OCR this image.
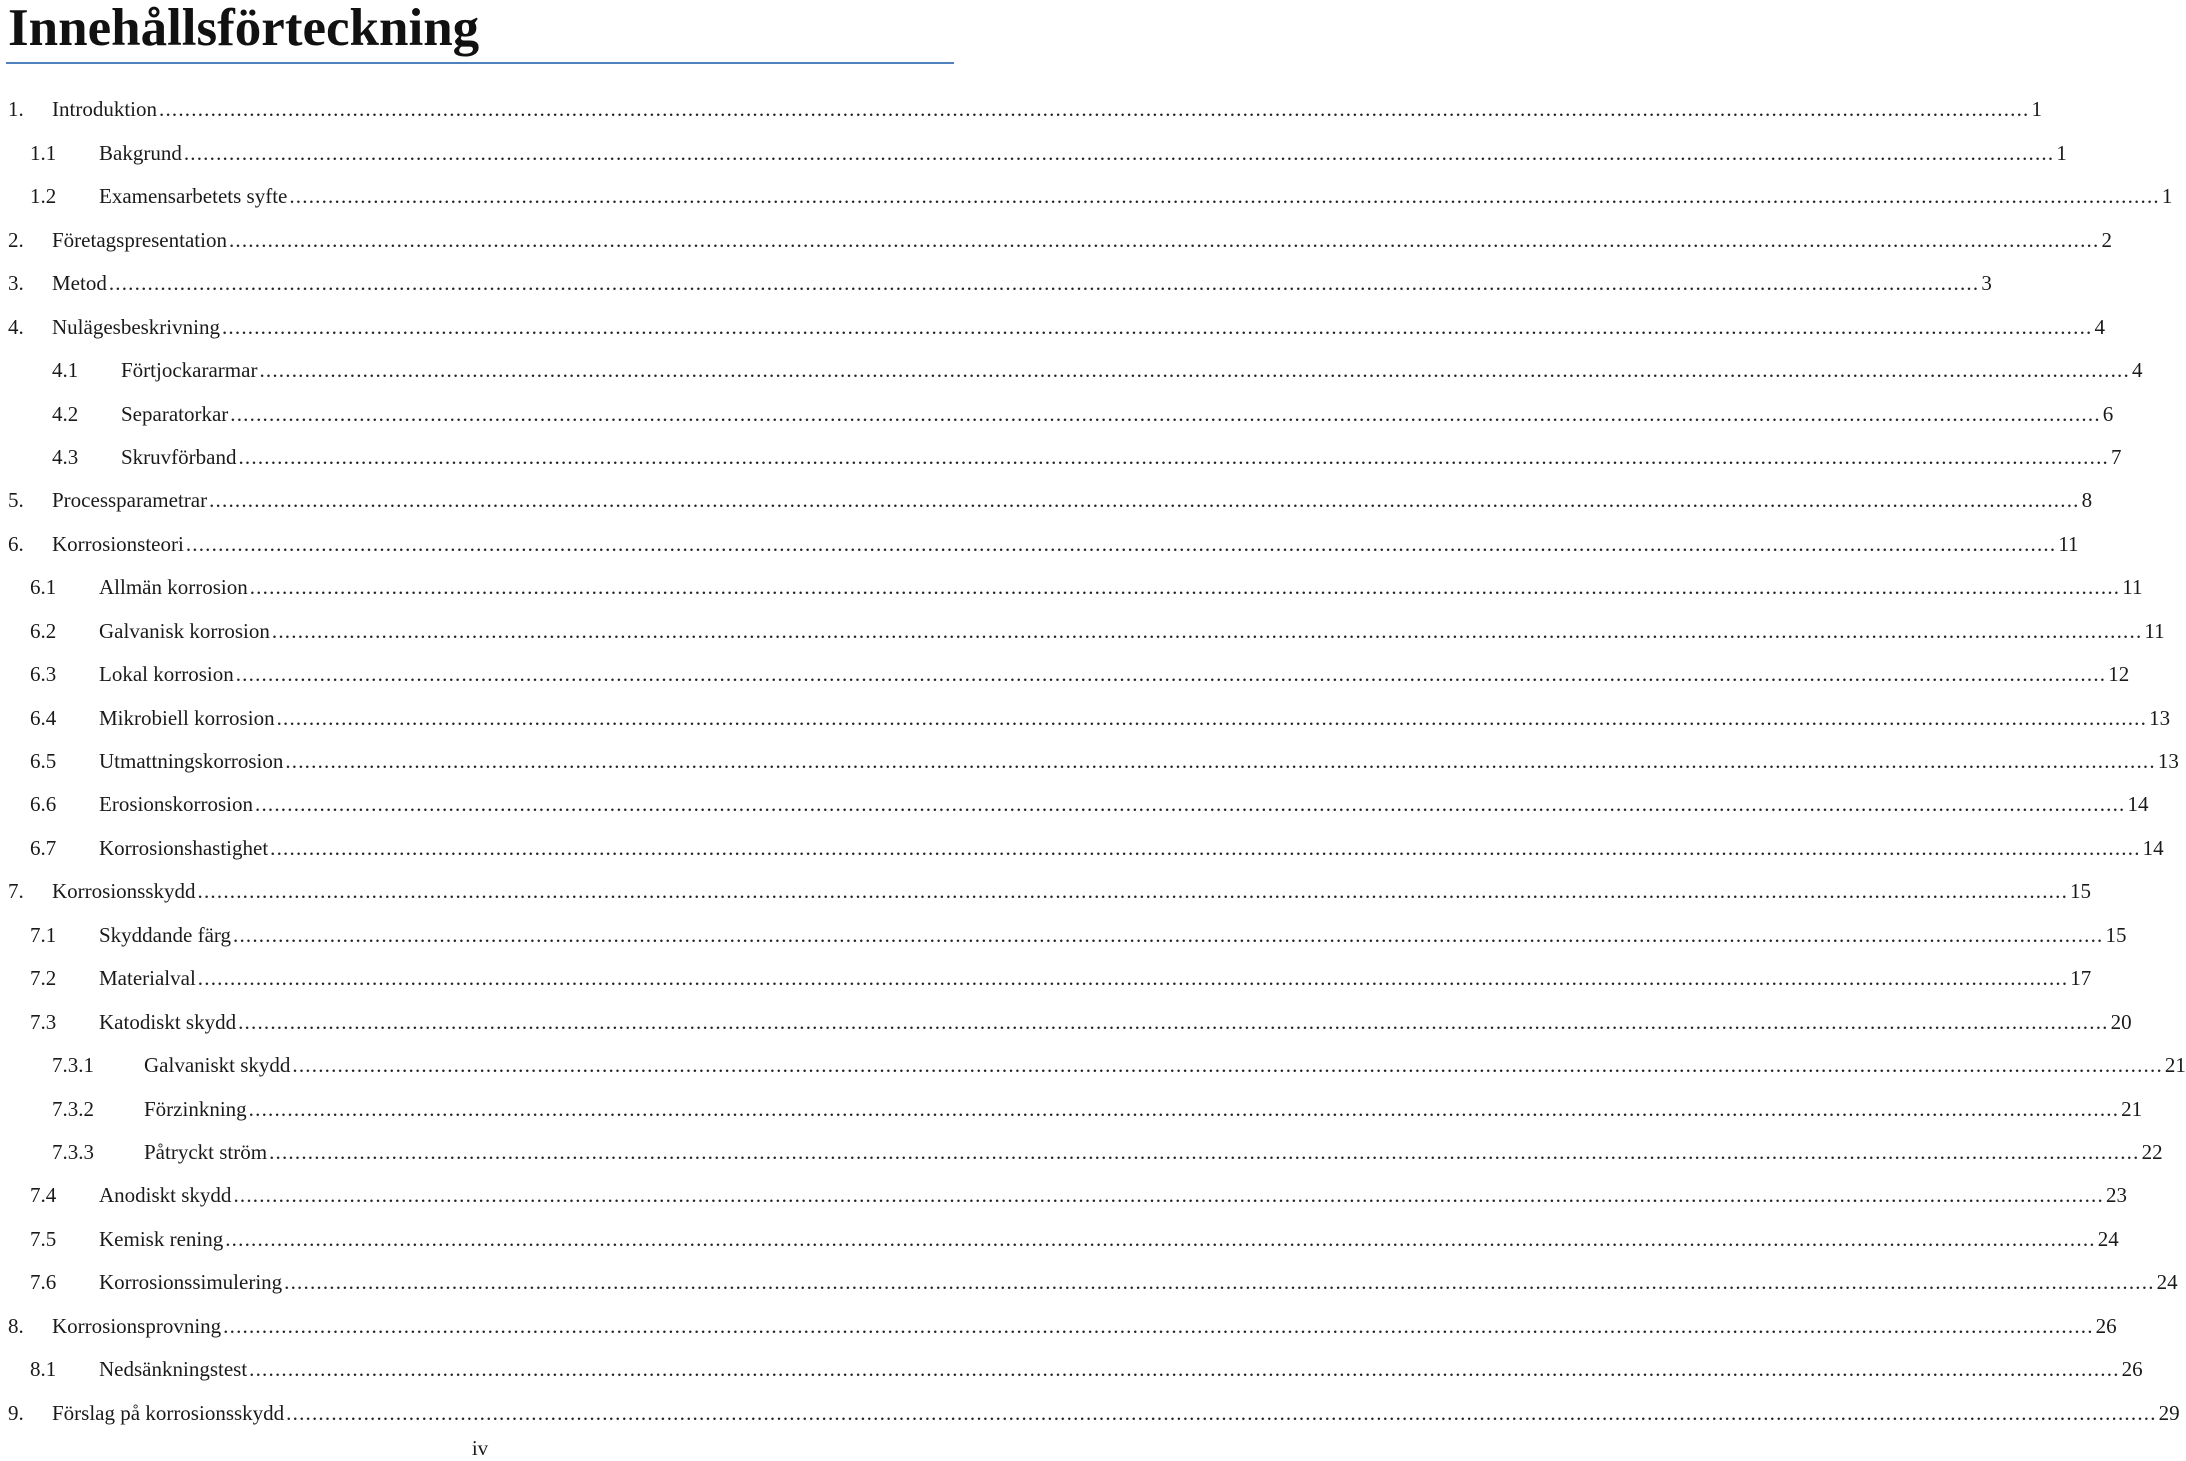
Innehållsförteckning
1. Introduktion .................................................................................................................................................................................................................................................................................................. 1
1.1 Bakgrund .................................................................................................................................................................................................................................................................................................. 1
1.2 Examensarbetets syfte .................................................................................................................................................................................................................................................................................................. 1
2. Företagspresentation .................................................................................................................................................................................................................................................................................................. 2
3. Metod .................................................................................................................................................................................................................................................................................................. 3
4. Nulägesbeskrivning .................................................................................................................................................................................................................................................................................................. 4
4.1 Förtjockararmar .................................................................................................................................................................................................................................................................................................. 4
4.2 Separatorkar .................................................................................................................................................................................................................................................................................................. 6
4.3 Skruvförband .................................................................................................................................................................................................................................................................................................. 7
5. Processparametrar .................................................................................................................................................................................................................................................................................................. 8
6. Korrosionsteori .................................................................................................................................................................................................................................................................................................. 11
6.1 Allmän korrosion .................................................................................................................................................................................................................................................................................................. 11
6.2 Galvanisk korrosion .................................................................................................................................................................................................................................................................................................. 11
6.3 Lokal korrosion .................................................................................................................................................................................................................................................................................................. 12
6.4 Mikrobiell korrosion .................................................................................................................................................................................................................................................................................................. 13
6.5 Utmattningskorrosion .................................................................................................................................................................................................................................................................................................. 13
6.6 Erosionskorrosion .................................................................................................................................................................................................................................................................................................. 14
6.7 Korrosionshastighet .................................................................................................................................................................................................................................................................................................. 14
7. Korrosionsskydd .................................................................................................................................................................................................................................................................................................. 15
7.1 Skyddande färg .................................................................................................................................................................................................................................................................................................. 15
7.2 Materialval .................................................................................................................................................................................................................................................................................................. 17
7.3 Katodiskt skydd .................................................................................................................................................................................................................................................................................................. 20
7.3.1 Galvaniskt skydd .................................................................................................................................................................................................................................................................................................. 21
7.3.2 Förzinkning .................................................................................................................................................................................................................................................................................................. 21
7.3.3 Påtryckt ström .................................................................................................................................................................................................................................................................................................. 22
7.4 Anodiskt skydd .................................................................................................................................................................................................................................................................................................. 23
7.5 Kemisk rening .................................................................................................................................................................................................................................................................................................. 24
7.6 Korrosionssimulering .................................................................................................................................................................................................................................................................................................. 24
8. Korrosionsprovning .................................................................................................................................................................................................................................................................................................. 26
8.1 Nedsänkningstest .................................................................................................................................................................................................................................................................................................. 26
9. Förslag på korrosionsskydd .................................................................................................................................................................................................................................................................................................. 29
iv
